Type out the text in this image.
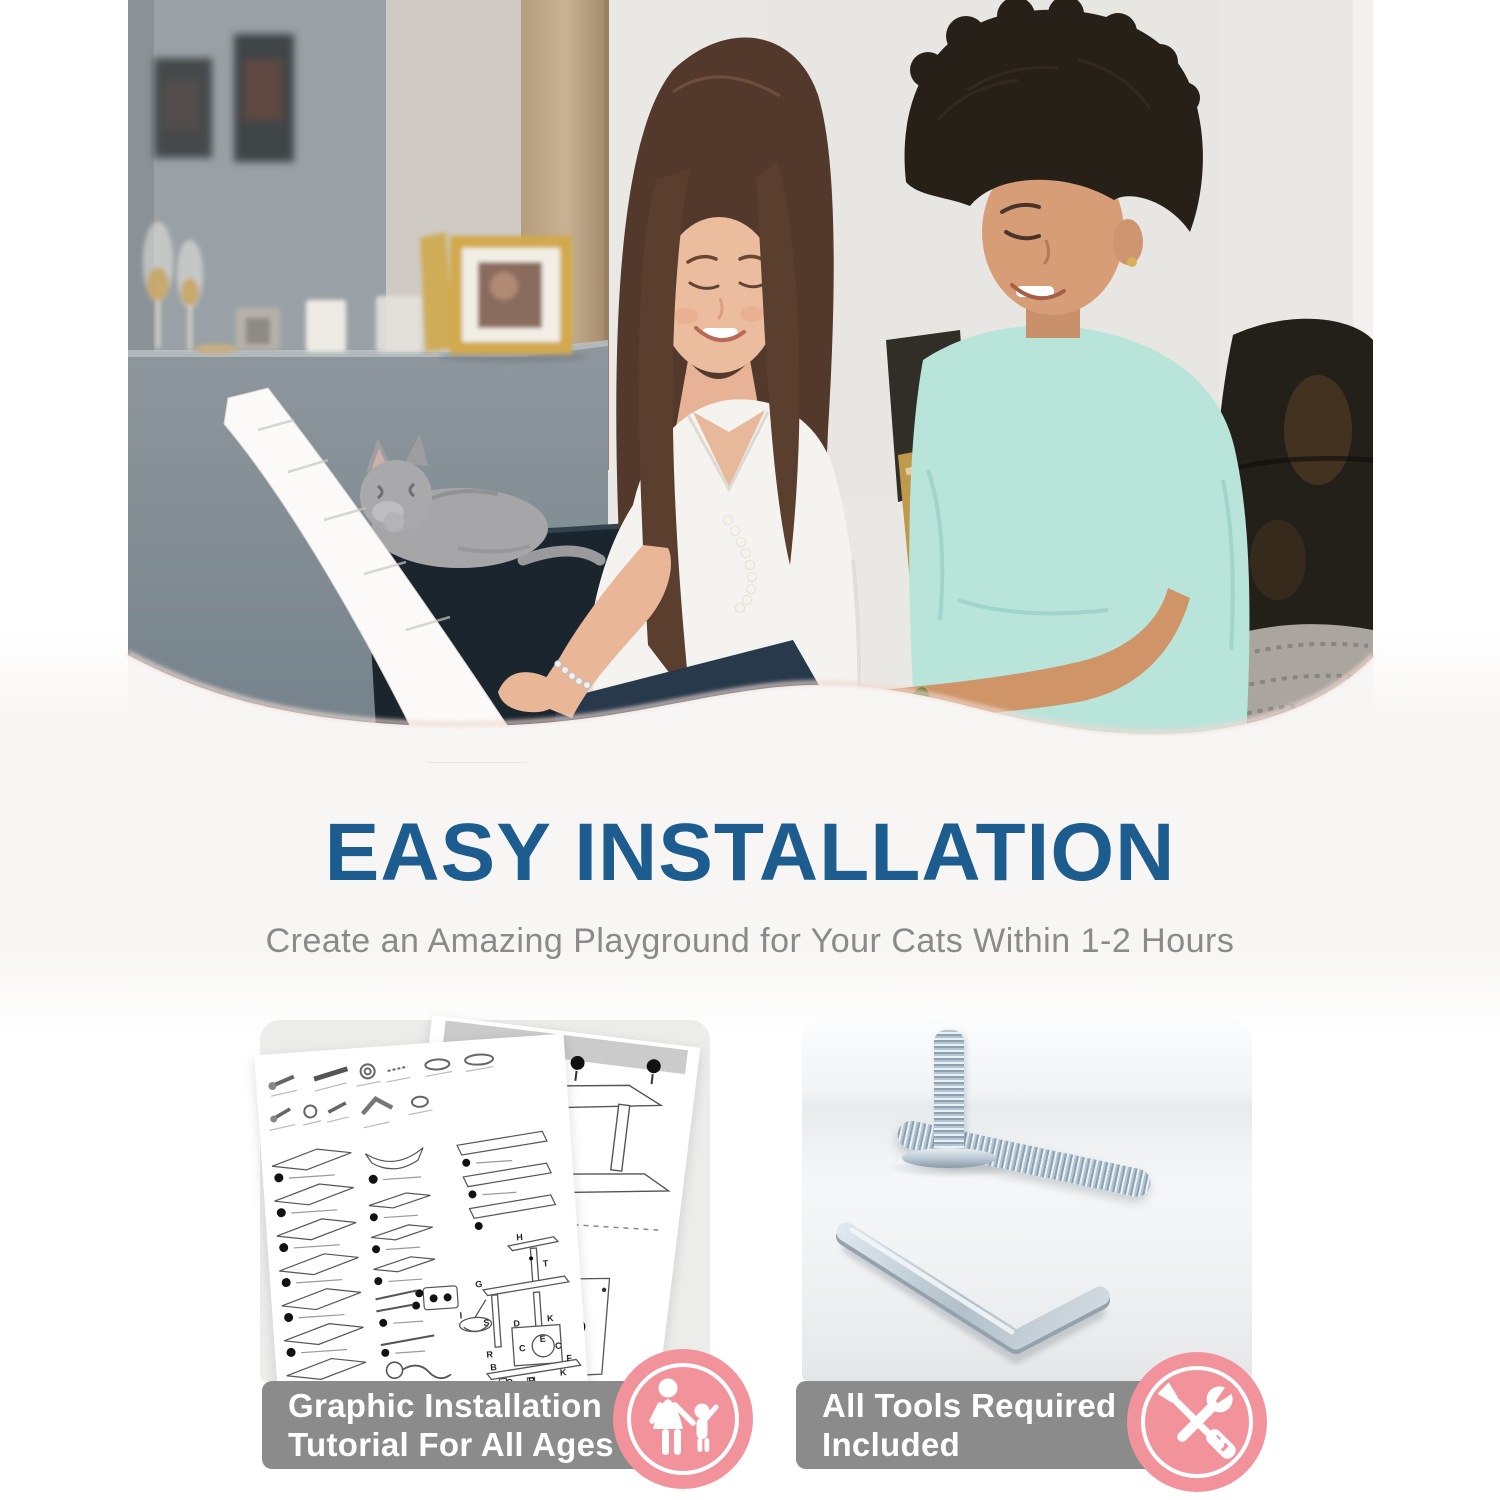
EASY INSTALLATION

Create an Amazing Playground for Your Cats Within 1-2 Hours

H
T
G
S	K
I
R
D
C
E
C
F
B	K
Graphic Installation
Tutorial For All Ages
All Tools Required
Included
